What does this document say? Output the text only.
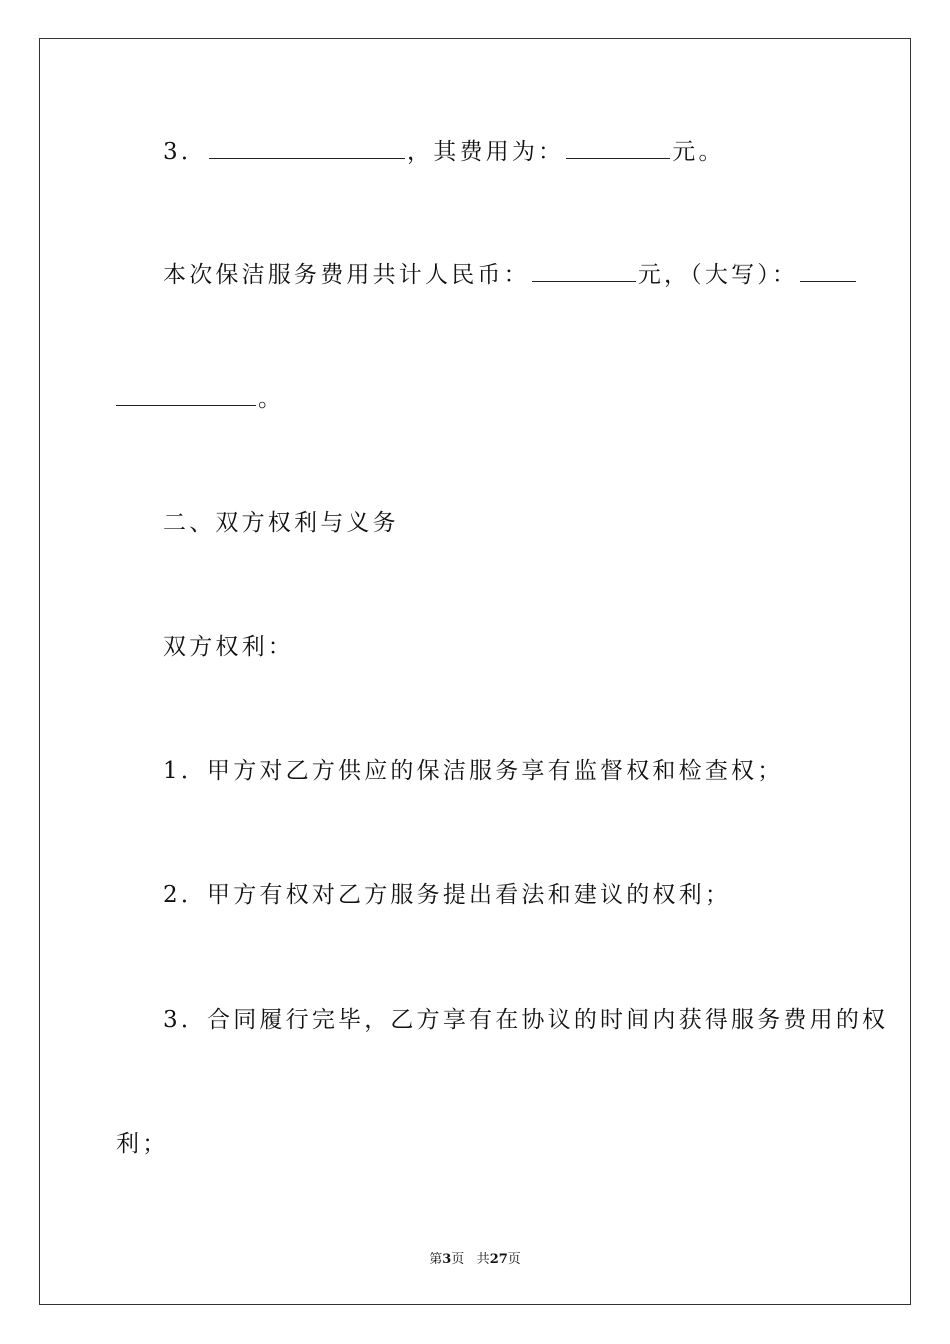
3．	，其费用为：	元。
本次保洁服务费用共计人民币：	元，（大写）：
。
二、双方权利与义务
双方权利：
1．甲方对乙方供应的保洁服务享有监督权和检查权；
2．甲方有权对乙方服务提出看法和建议的权利；
3．合同履行完毕，乙方享有在协议的时间内获得服务费用的权
利；
第3页 共27页
